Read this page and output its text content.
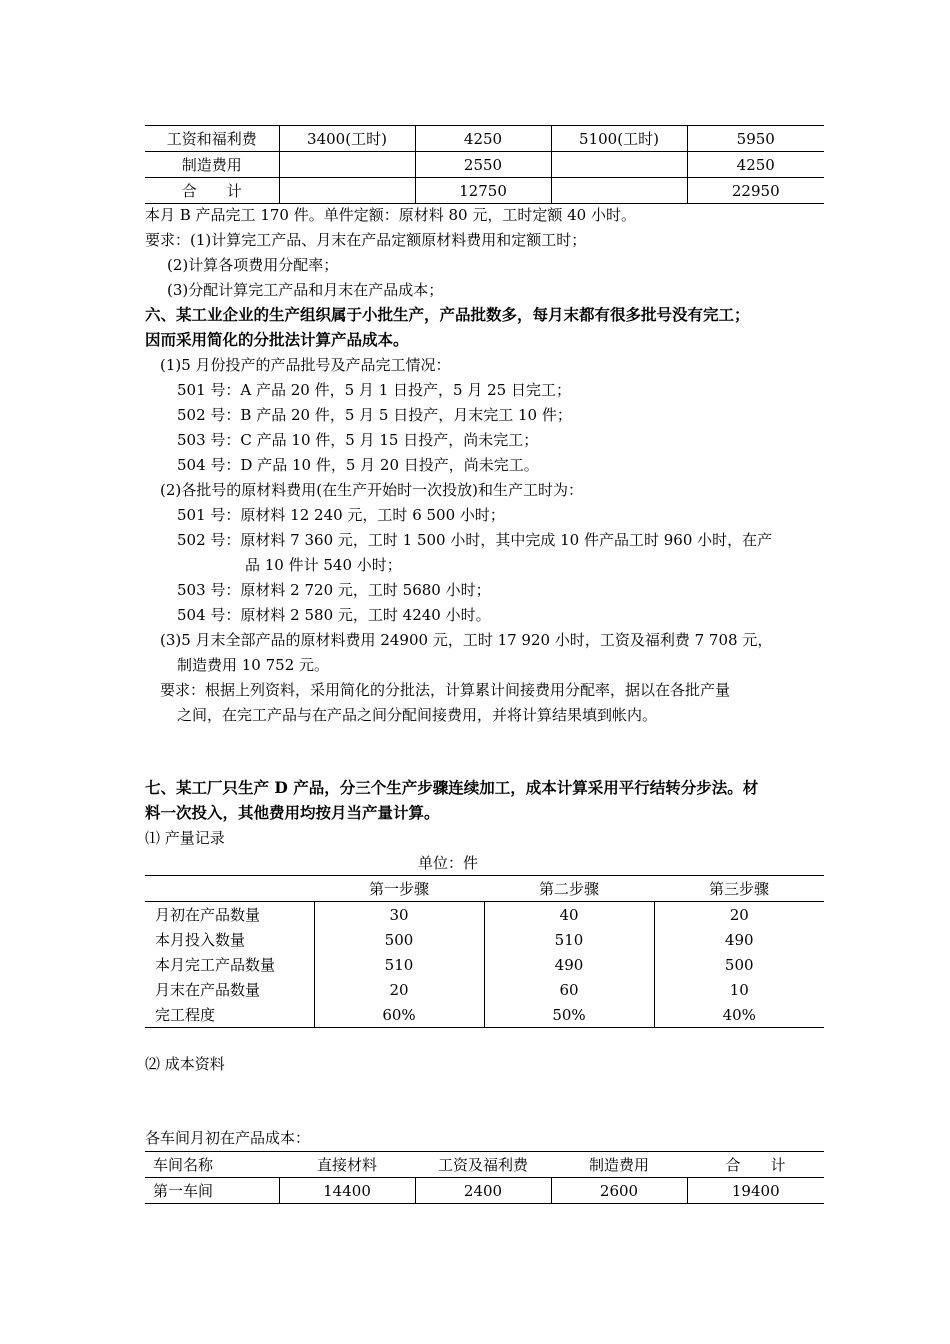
工资和福利费	3400(工时)	4250	5100(工时)	5950
制造费用		2550		4250
合　　计		12750		22950
本月 B 产品完工 170 件。单件定额：原材料 80 元，工时定额 40 小时。
要求：(1)计算完工产品、月末在产品定额原材料费用和定额工时；
(2)计算各项费用分配率；
(3)分配计算完工产品和月末在产品成本；
六、某工业企业的生产组织属于小批生产，产品批数多，每月末都有很多批号没有完工；
因而采用简化的分批法计算产品成本。
(1)5 月份投产的产品批号及产品完工情况：
501 号：A 产品 20 件，5 月 1 日投产，5 月 25 日完工；
502 号：B 产品 20 件，5 月 5 日投产，月末完工 10 件；
503 号：C 产品 10 件，5 月 15 日投产，尚未完工；
504 号：D 产品 10 件，5 月 20 日投产，尚未完工。
(2)各批号的原材料费用(在生产开始时一次投放)和生产工时为：
501 号：原材料 12 240 元，工时 6 500 小时；
502 号：原材料 7 360 元，工时 1 500 小时，其中完成 10 件产品工时 960 小时，在产
品 10 件计 540 小时；
503 号：原材料 2 720 元，工时 5680 小时；
504 号：原材料 2 580 元，工时 4240 小时。
(3)5 月末全部产品的原材料费用 24900 元，工时 17 920 小时，工资及福利费 7 708 元，
制造费用 10 752 元。
要求：根据上列资料，采用简化的分批法，计算累计间接费用分配率，据以在各批产量
之间，在完工产品与在产品之间分配间接费用，并将计算结果填到帐内。
七、某工厂只生产 D 产品，分三个生产步骤连续加工，成本计算采用平行结转分步法。材
料一次投入，其他费用均按月当产量计算。
⑴ 产量记录
单位：件
	第一步骤	第二步骤	第三步骤
月初在产品数量	30	40	20
本月投入数量	500	510	490
本月完工产品数量	510	490	500
月末在产品数量	20	60	10
完工程度	60%	50%	40%
⑵ 成本资料
各车间月初在产品成本：
车间名称	直接材料	工资及福利费	制造费用	合　　计
第一车间	14400	2400	2600	19400
